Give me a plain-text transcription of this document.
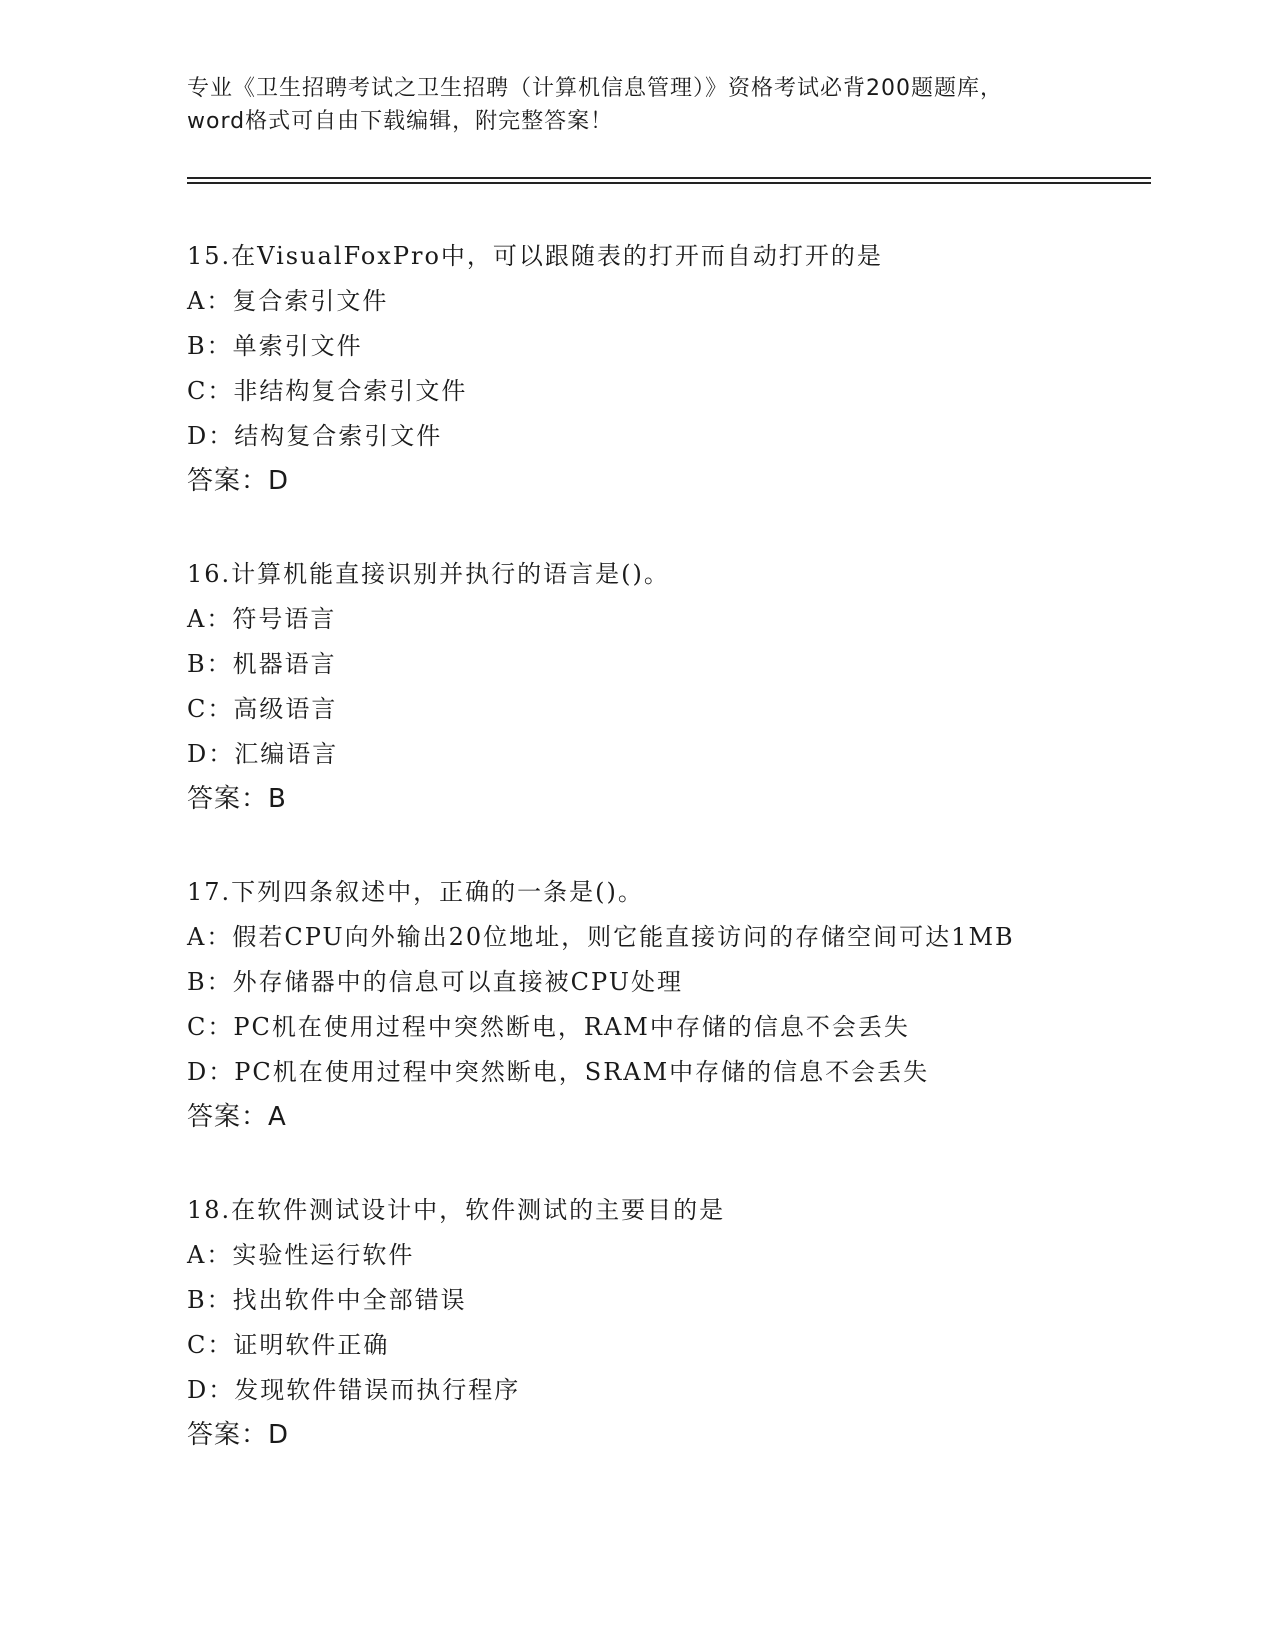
专业《卫生招聘考试之卫生招聘（计算机信息管理）》资格考试必背200题题库，
word格式可自由下载编辑，附完整答案！
15.在VisualFoxPro中，可以跟随表的打开而自动打开的是
A：复合索引文件
B：单索引文件
C：非结构复合索引文件
D：结构复合索引文件
答案：D
16.计算机能直接识别并执行的语言是()。
A：符号语言
B：机器语言
C：高级语言
D：汇编语言
答案：B
17.下列四条叙述中，正确的一条是()。
A：假若CPU向外输出20位地址，则它能直接访问的存储空间可达1MB
B：外存储器中的信息可以直接被CPU处理
C：PC机在使用过程中突然断电，RAM中存储的信息不会丢失
D：PC机在使用过程中突然断电，SRAM中存储的信息不会丢失
答案：A
18.在软件测试设计中，软件测试的主要目的是
A：实验性运行软件
B：找出软件中全部错误
C：证明软件正确
D：发现软件错误而执行程序
答案：D
